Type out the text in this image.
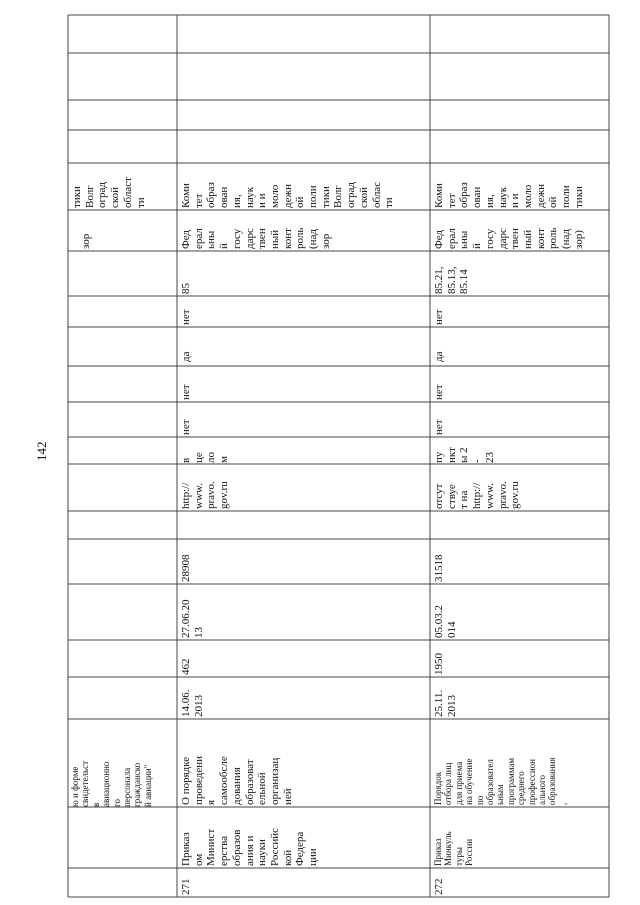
142
ю и форме
свидетельст
в
авиационно
го
персонала
гражданско
й авиации"
зор
тики
Волг
оград
ской
област
ти
271
Приказ
ом
Минист
ерства
образов
ания и
науки
Российс
кой
Федера
ции
О порядке
проведени
я
самообсле
дования
образоват
ельной
организац
ией
14.06.
2013
462
27.06.20
13
28908
http://
www.
pravo.
gov.ru
в
це
ло
м
нет
нет
да
нет
85
Фед
ерал
ьны
й
госу
дарс
твен
ный
конт
роль
(над
зор
Коми
тет
образ
ован
ия,
наук
и и
моло
дежн
ой
поли
тики
Волг
оград
ской
облас
ти
272
Приказ
Минкуль
туры
России
Порядок
отбора лиц
для приема
на обучение
по
образовател
ьным
программам
среднего
профессион
ального
образования
,
25.11.
2013
1950
05.03.2
014
31518
отсут
ствуе
т на
http://
www.
pravo.
gov.ru
пу
нкт
ы 2
-
23
нет
нет
да
нет
85.21,
85.13,
85.14
Фед
ерал
ьны
й
госу
дарс
твен
ный
конт
роль
(над
зор)
Коми
тет
образ
ован
ия,
наук
и и
моло
дежн
ой
поли
тики
